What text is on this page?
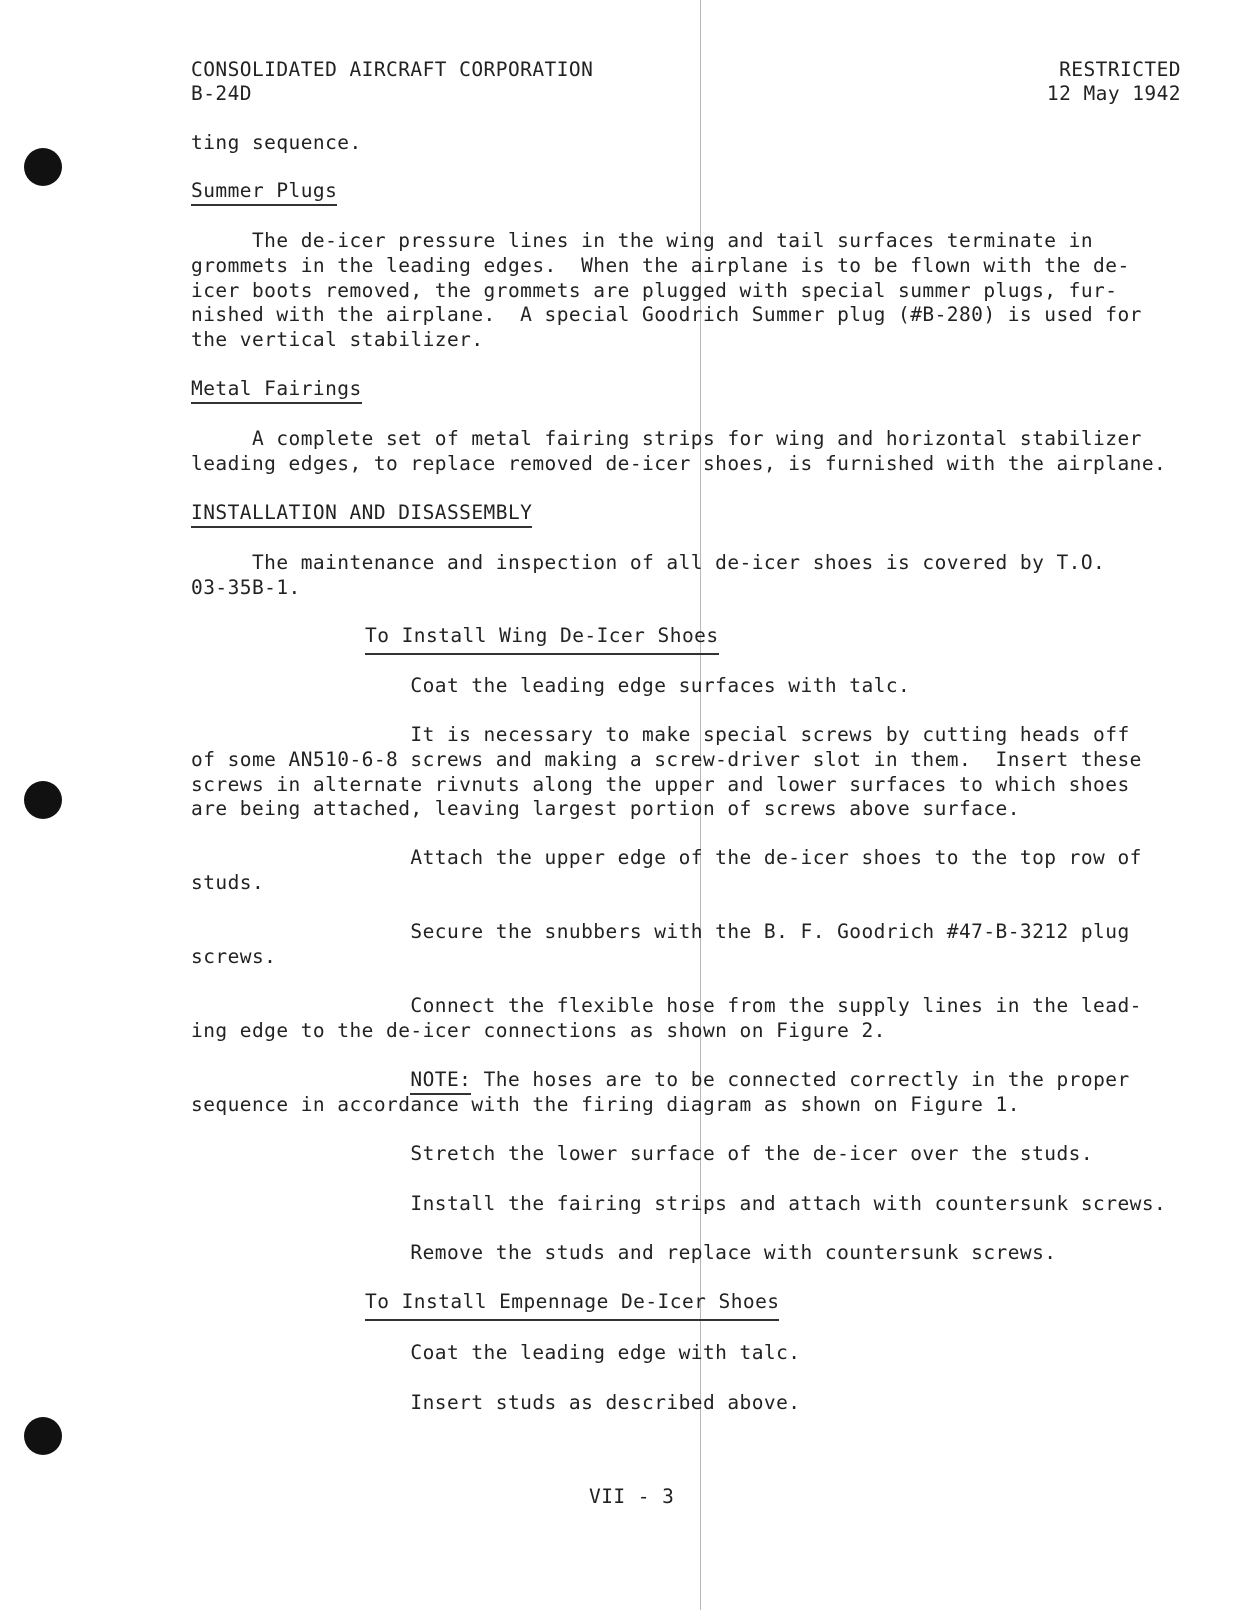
CONSOLIDATED AIRCRAFT CORPORATION

B-24D

RESTRICTED

12 May 1942

ting sequence.

Summer Plugs

The de-icer pressure lines in the wing and tail surfaces terminate in
grommets in the leading edges.  When the airplane is to be flown with the de-
icer boots removed, the grommets are plugged with special summer plugs, fur-
nished with the airplane.  A special Goodrich Summer plug (#B-280) is used for
the vertical stabilizer.

Metal Fairings

A complete set of metal fairing strips for wing and horizontal stabilizer
leading edges, to replace removed de-icer shoes, is furnished with the airplane.

INSTALLATION AND DISASSEMBLY

The maintenance and inspection of all de-icer shoes is covered by T.O.
03-35B-1.

To Install Wing De-Icer Shoes

Coat the leading edge surfaces with talc.

It is necessary to make special screws by cutting heads off
of some AN510-6-8 screws and making a screw-driver slot in them.  Insert these
screws in alternate rivnuts along the upper and lower surfaces to which shoes
are being attached, leaving largest portion of screws above surface.

Attach the upper edge of the de-icer shoes to the top row of
studs.

Secure the snubbers with the B. F. Goodrich #47-B-3212 plug
screws.

Connect the flexible hose from the supply lines in the lead-
ing edge to the de-icer connections as shown on Figure 2.

NOTE: The hoses are to be connected correctly in the proper

sequence in accordance with the firing diagram as shown on Figure 1.

Stretch the lower surface of the de-icer over the studs.

Install the fairing strips and attach with countersunk screws.

Remove the studs and replace with countersunk screws.

To Install Empennage De-Icer Shoes

Coat the leading edge with talc.

Insert studs as described above.

VII - 3
